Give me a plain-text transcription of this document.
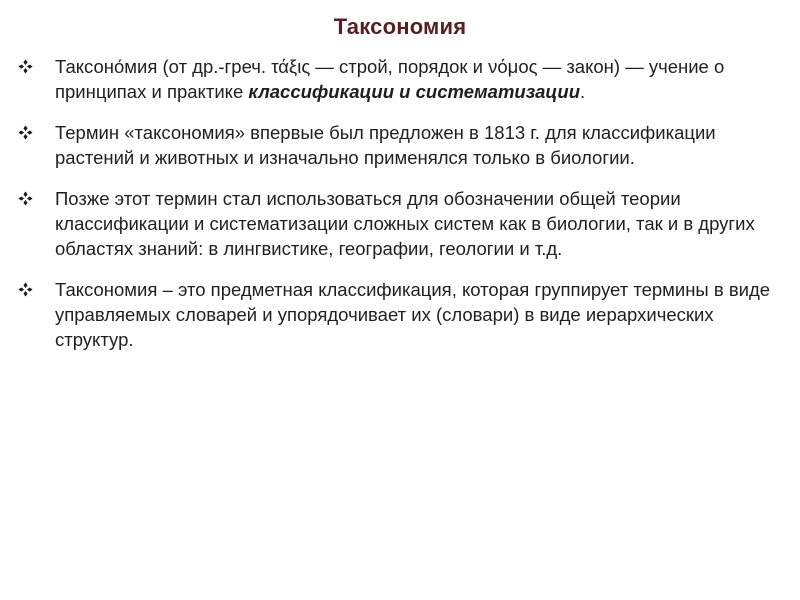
Таксономия
Таксоно́мия (от др.-греч. τάξις — строй, порядок и νόμος — закон) — учение о принципах и практике классификации и систематизации.
Термин «таксономия» впервые был предложен в 1813 г. для классификации растений и животных и изначально применялся только в биологии.
Позже этот термин стал использоваться для обозначении общей теории классификации и систематизации сложных систем как в биологии, так и в других областях знаний: в лингвистике, географии, геологии и т.д.
Таксономия – это предметная классификация, которая группирует термины в виде управляемых словарей и упорядочивает их (словари) в виде иерархических структур.
